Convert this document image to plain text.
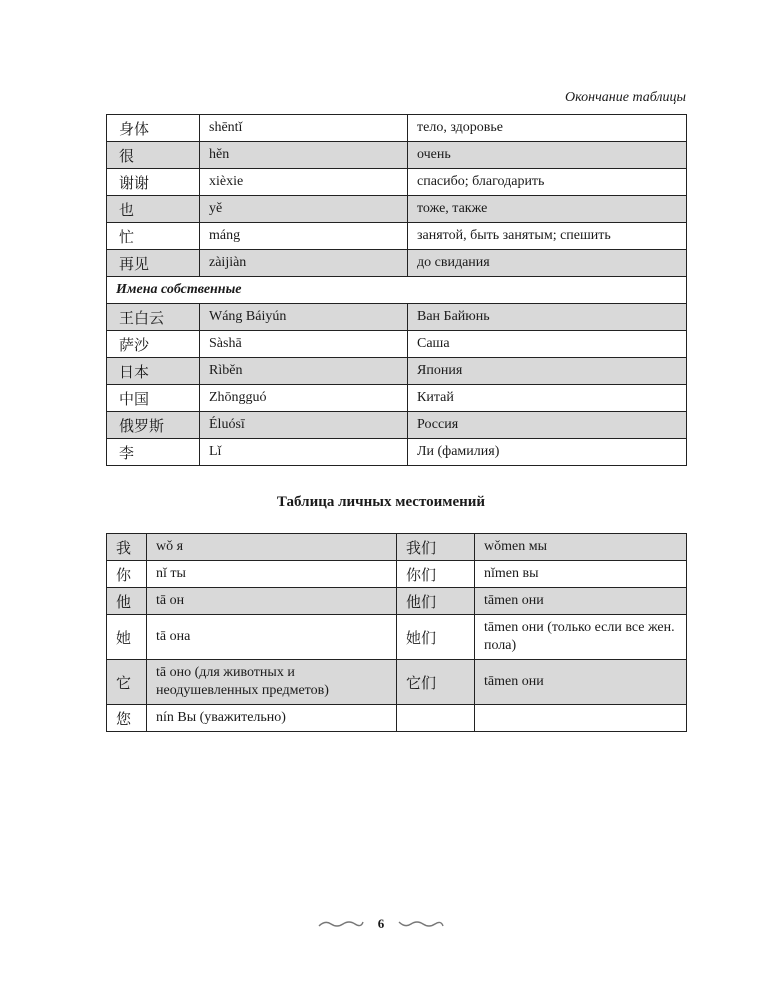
Окончание таблицы
身体	shēntǐ	тело, здоровье
很	hěn	очень
谢谢	xièxie	спасибо; благодарить
也	yě	тоже, также
忙	máng	занятой, быть занятым; спешить
再见	zàijiàn	до свидания
Имена собственные		
王白云	Wáng Báiyún	Ван Байюнь
萨沙	Sàshā	Саша
日本	Rìběn	Япония
中国	Zhōngguó	Китай
俄罗斯	Éluósī	Россия
李	Lǐ	Ли (фамилия)
Таблица личных местоимений
我	wǒ я	我们	wǒmen мы
你	nǐ ты	你们	nǐmen вы
他	tā он	他们	tāmen они
她	tā она	她们	tāmen они (только если все жен. пола)
它	tā оно (для животных и неодушевленных предметов)	它们	tāmen они
您	nín Вы (уважительно)		
6
